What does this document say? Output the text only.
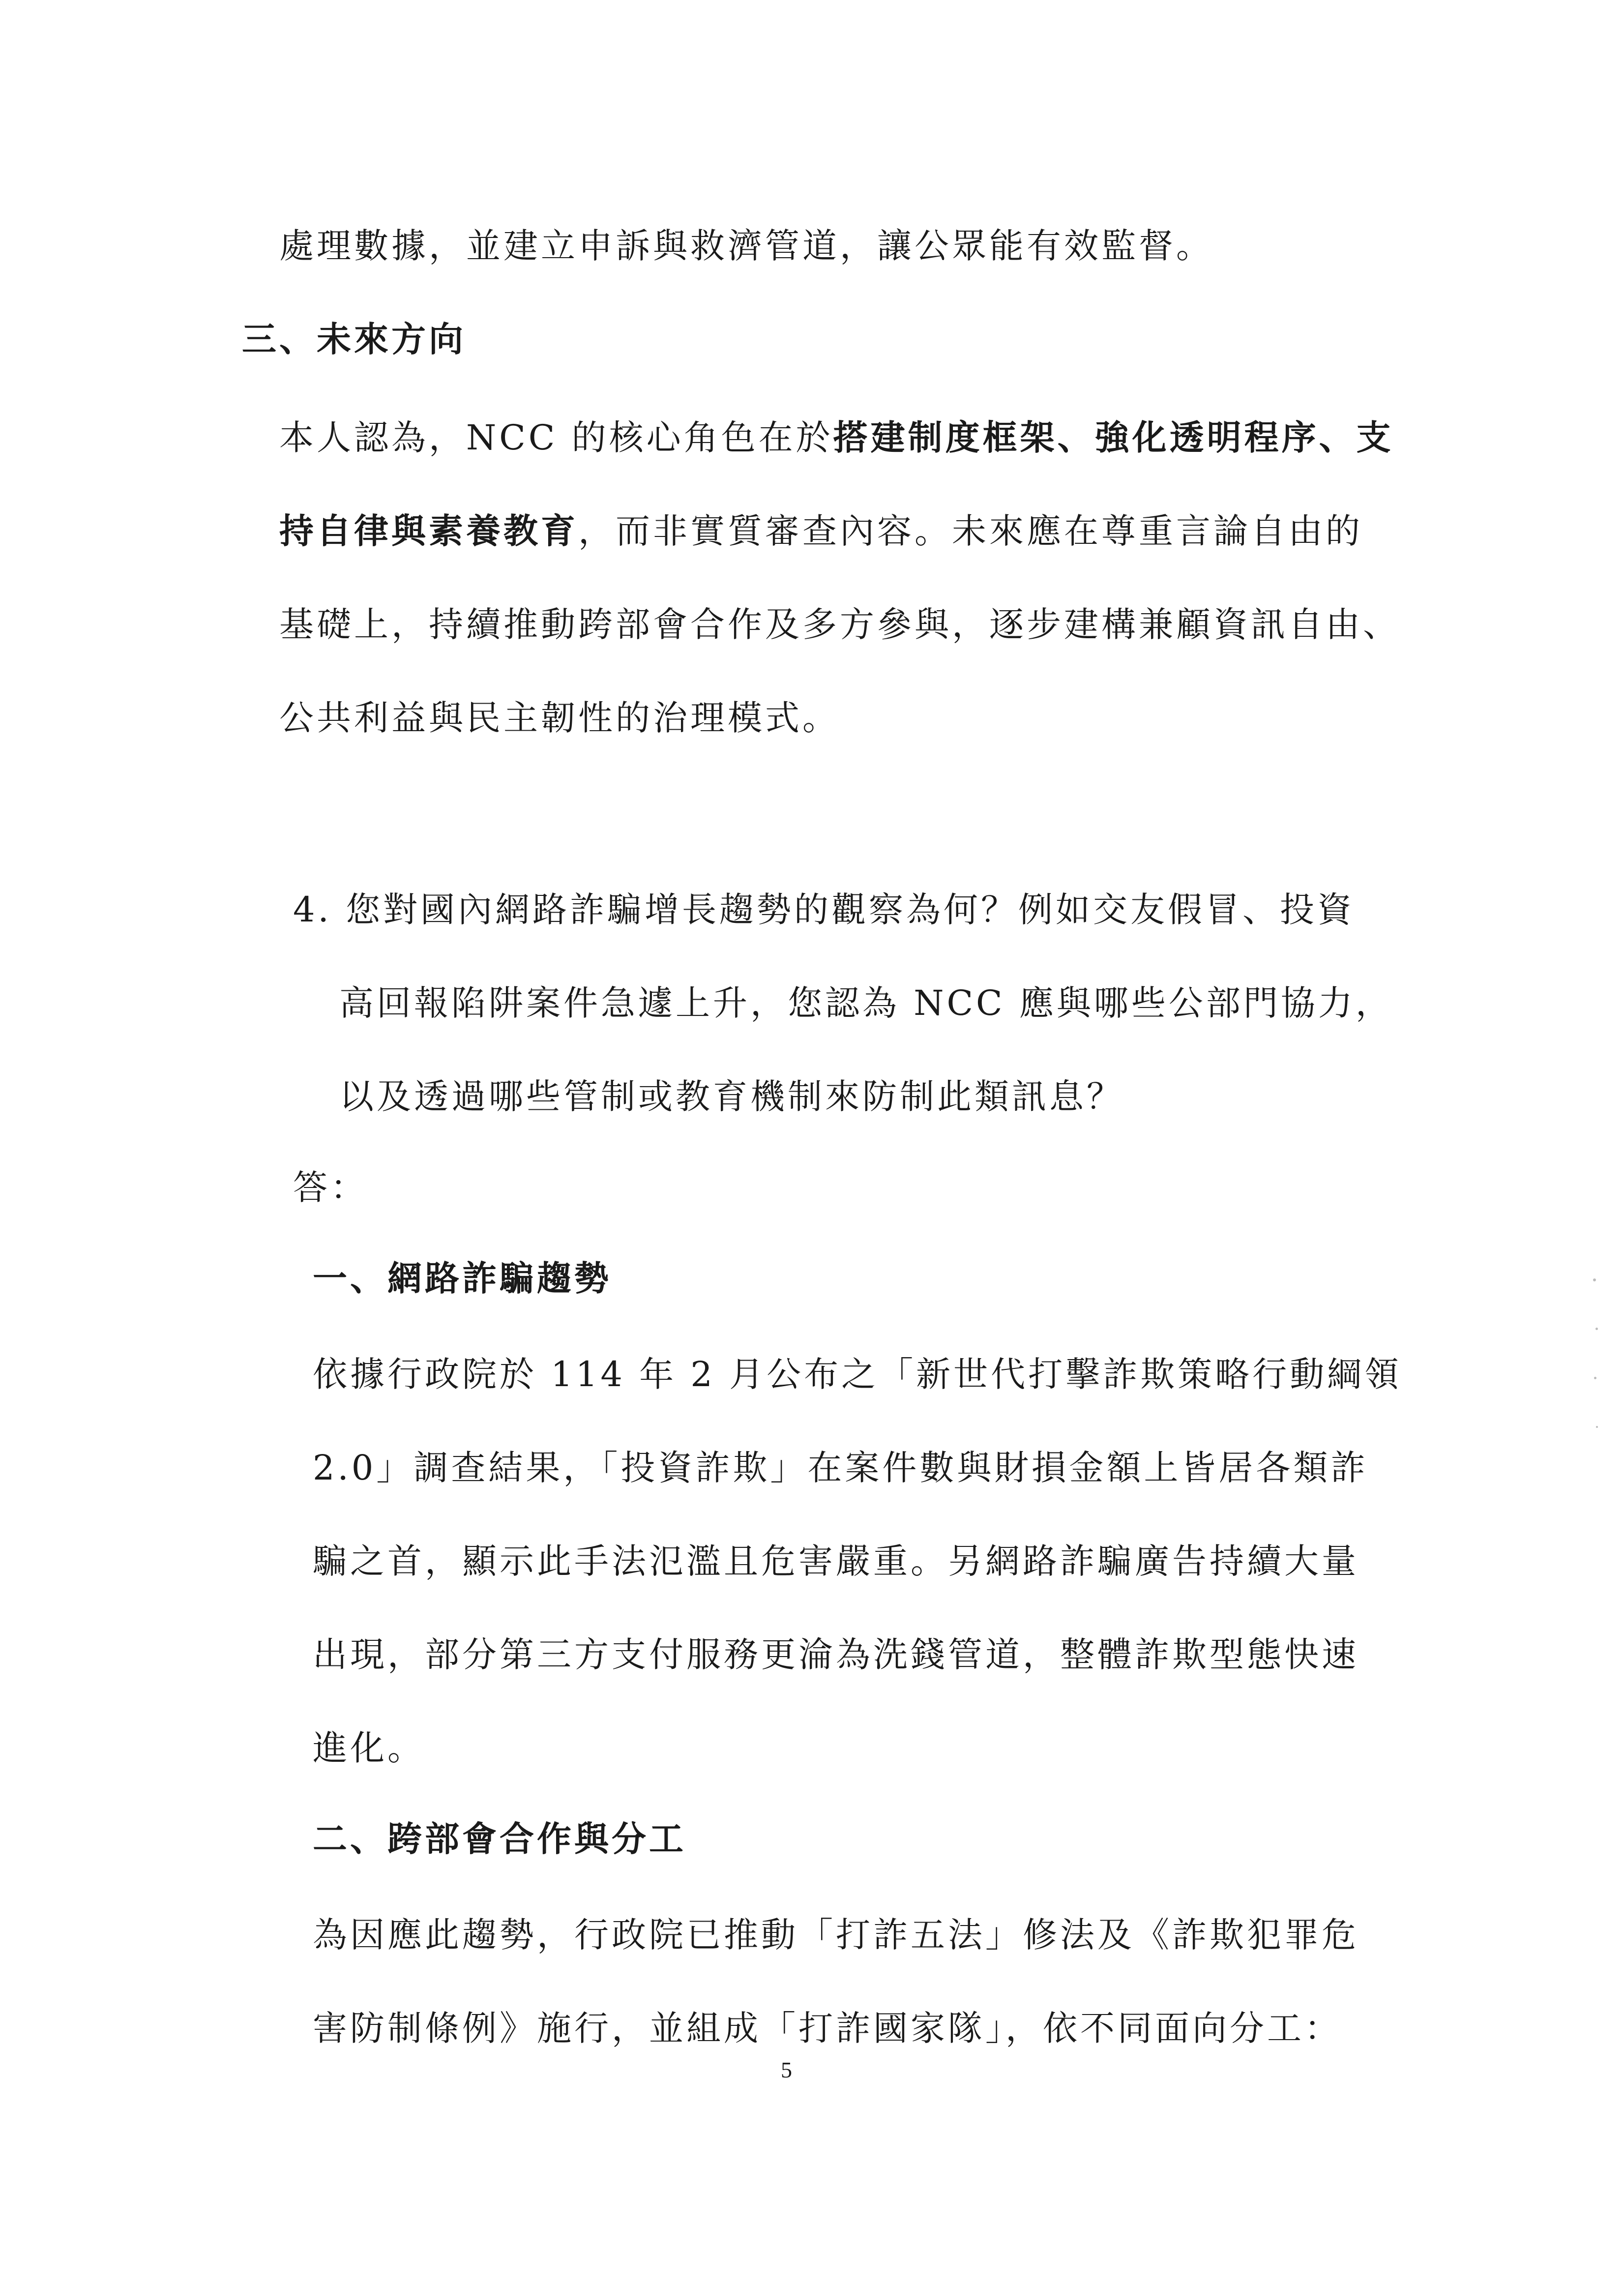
處理數據，並建立申訴與救濟管道，讓公眾能有效監督。
三、未來方向
本人認為，NCC 的核心角色在於搭建制度框架、強化透明程序、支
持自律與素養教育，而非實質審查內容。未來應在尊重言論自由的
基礎上，持續推動跨部會合作及多方參與，逐步建構兼顧資訊自由、
公共利益與民主韌性的治理模式。
4. 您對國內網路詐騙增長趨勢的觀察為何？例如交友假冒、投資
高回報陷阱案件急遽上升，您認為 NCC 應與哪些公部門協力，
以及透過哪些管制或教育機制來防制此類訊息？
答：
一、網路詐騙趨勢
依據行政院於 114 年 2 月公布之「新世代打擊詐欺策略行動綱領
2.0」調查結果，「投資詐欺」在案件數與財損金額上皆居各類詐
騙之首，顯示此手法氾濫且危害嚴重。另網路詐騙廣告持續大量
出現，部分第三方支付服務更淪為洗錢管道，整體詐欺型態快速
進化。
二、跨部會合作與分工
為因應此趨勢，行政院已推動「打詐五法」修法及《詐欺犯罪危
害防制條例》施行，並組成「打詐國家隊」，依不同面向分工：
5
